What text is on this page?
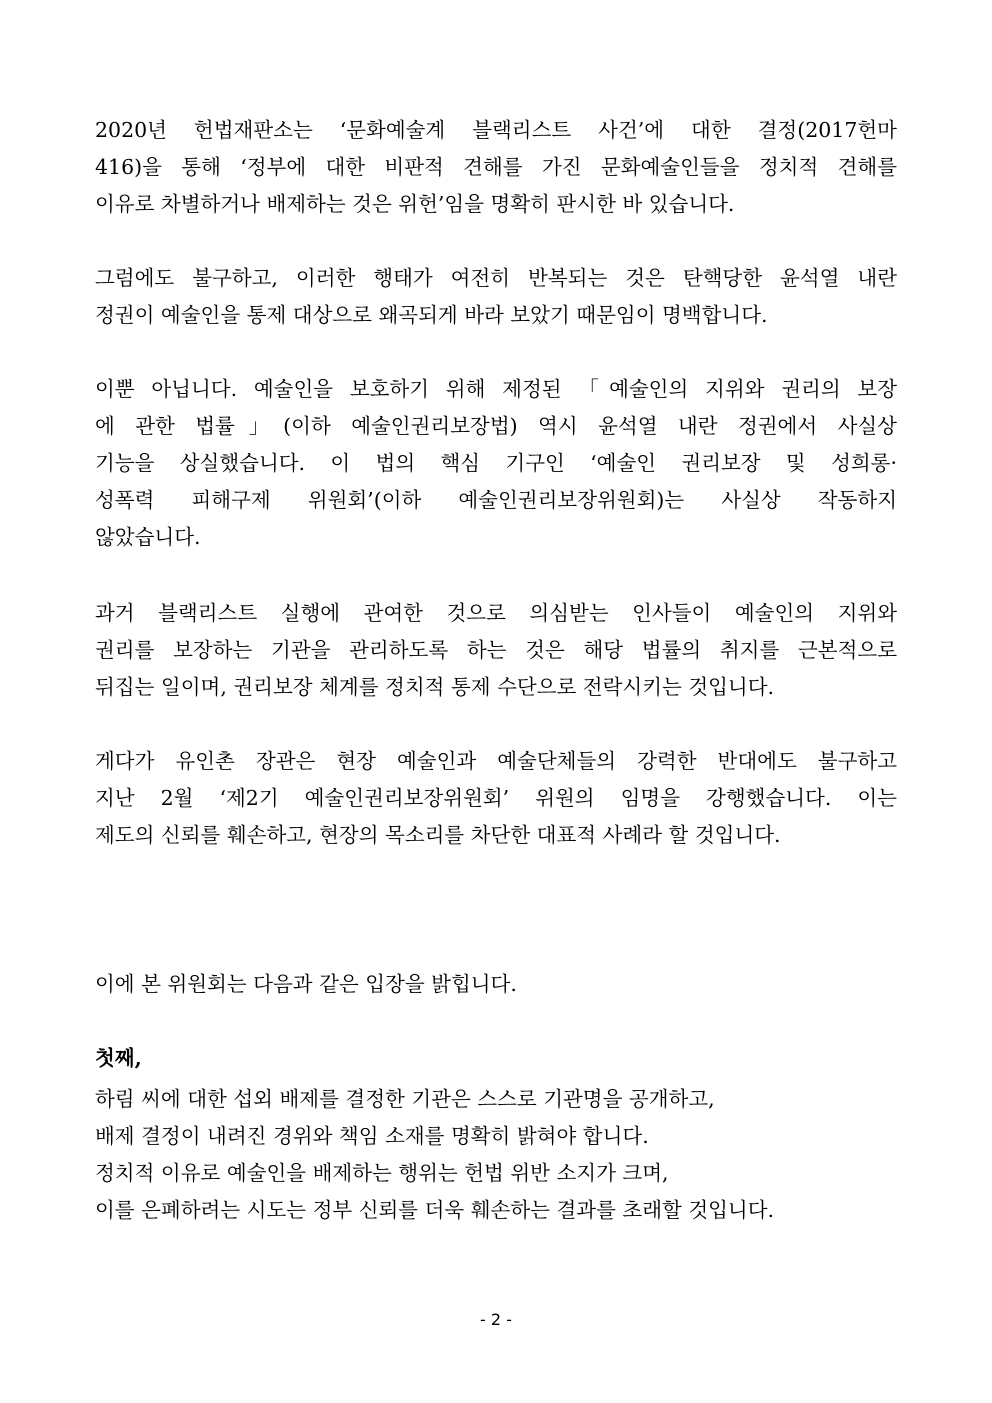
2020년 헌법재판소는 ‘문화예술계 블랙리스트 사건’에 대한 결정(2017헌마
416)을 통해 ‘정부에 대한 비판적 견해를 가진 문화예술인들을 정치적 견해를
이유로 차별하거나 배제하는 것은 위헌’임을 명확히 판시한 바 있습니다.
그럼에도 불구하고, 이러한 행태가 여전히 반복되는 것은 탄핵당한 윤석열 내란
정권이 예술인을 통제 대상으로 왜곡되게 바라 보았기 때문임이 명백합니다.
이뿐 아닙니다. 예술인을 보호하기 위해 제정된 「예술인의 지위와 권리의 보장
에 관한 법률」(이하 예술인권리보장법) 역시 윤석열 내란 정권에서 사실상
기능을 상실했습니다. 이 법의 핵심 기구인 ‘예술인 권리보장 및 성희롱·
성폭력 피해구제 위원회’(이하 예술인권리보장위원회)는 사실상 작동하지
않았습니다.
과거 블랙리스트 실행에 관여한 것으로 의심받는 인사들이 예술인의 지위와
권리를 보장하는 기관을 관리하도록 하는 것은 해당 법률의 취지를 근본적으로
뒤집는 일이며, 권리보장 체계를 정치적 통제 수단으로 전락시키는 것입니다.
게다가 유인촌 장관은 현장 예술인과 예술단체들의 강력한 반대에도 불구하고
지난 2월 ‘제2기 예술인권리보장위원회’ 위원의 임명을 강행했습니다. 이는
제도의 신뢰를 훼손하고, 현장의 목소리를 차단한 대표적 사례라 할 것입니다.
이에 본 위원회는 다음과 같은 입장을 밝힙니다.
첫째,
하림 씨에 대한 섭외 배제를 결정한 기관은 스스로 기관명을 공개하고,
배제 결정이 내려진 경위와 책임 소재를 명확히 밝혀야 합니다.
정치적 이유로 예술인을 배제하는 행위는 헌법 위반 소지가 크며,
이를 은폐하려는 시도는 정부 신뢰를 더욱 훼손하는 결과를 초래할 것입니다.
- 2 -
